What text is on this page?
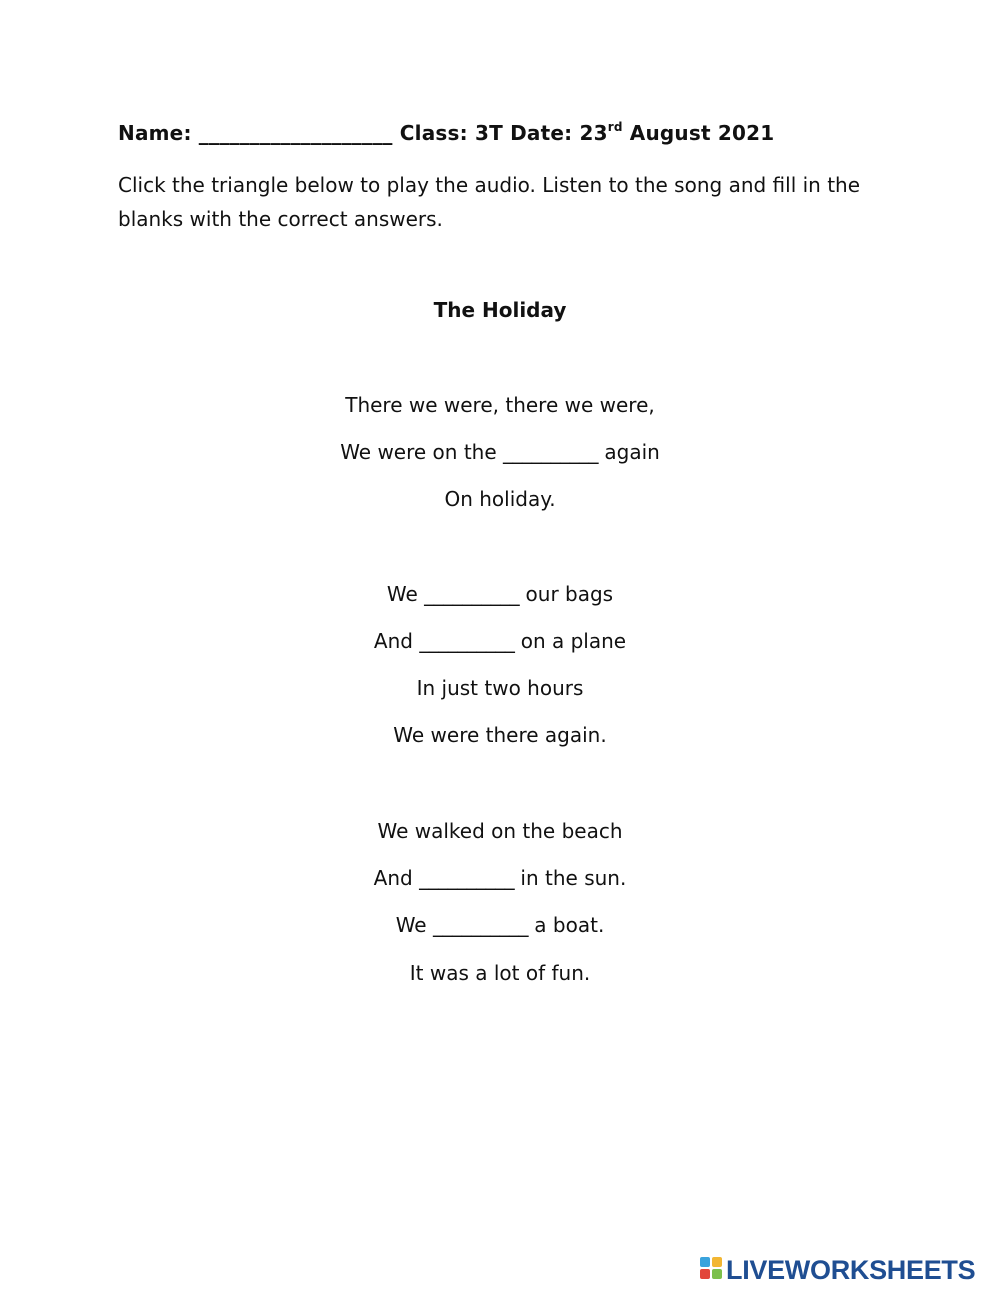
Name: ___________________ Class: 3T Date: 23rd August 2021
Click the triangle below to play the audio. Listen to the song and fill in the blanks with the correct answers.
The Holiday
There we were, there we were,
We were on the __________ again
On holiday.
We __________ our bags
And __________ on a plane
In just two hours
We were there again.
We walked on the beach
And __________ in the sun.
We __________ a boat.
It was a lot of fun.
LIVEWORKSHEETS
